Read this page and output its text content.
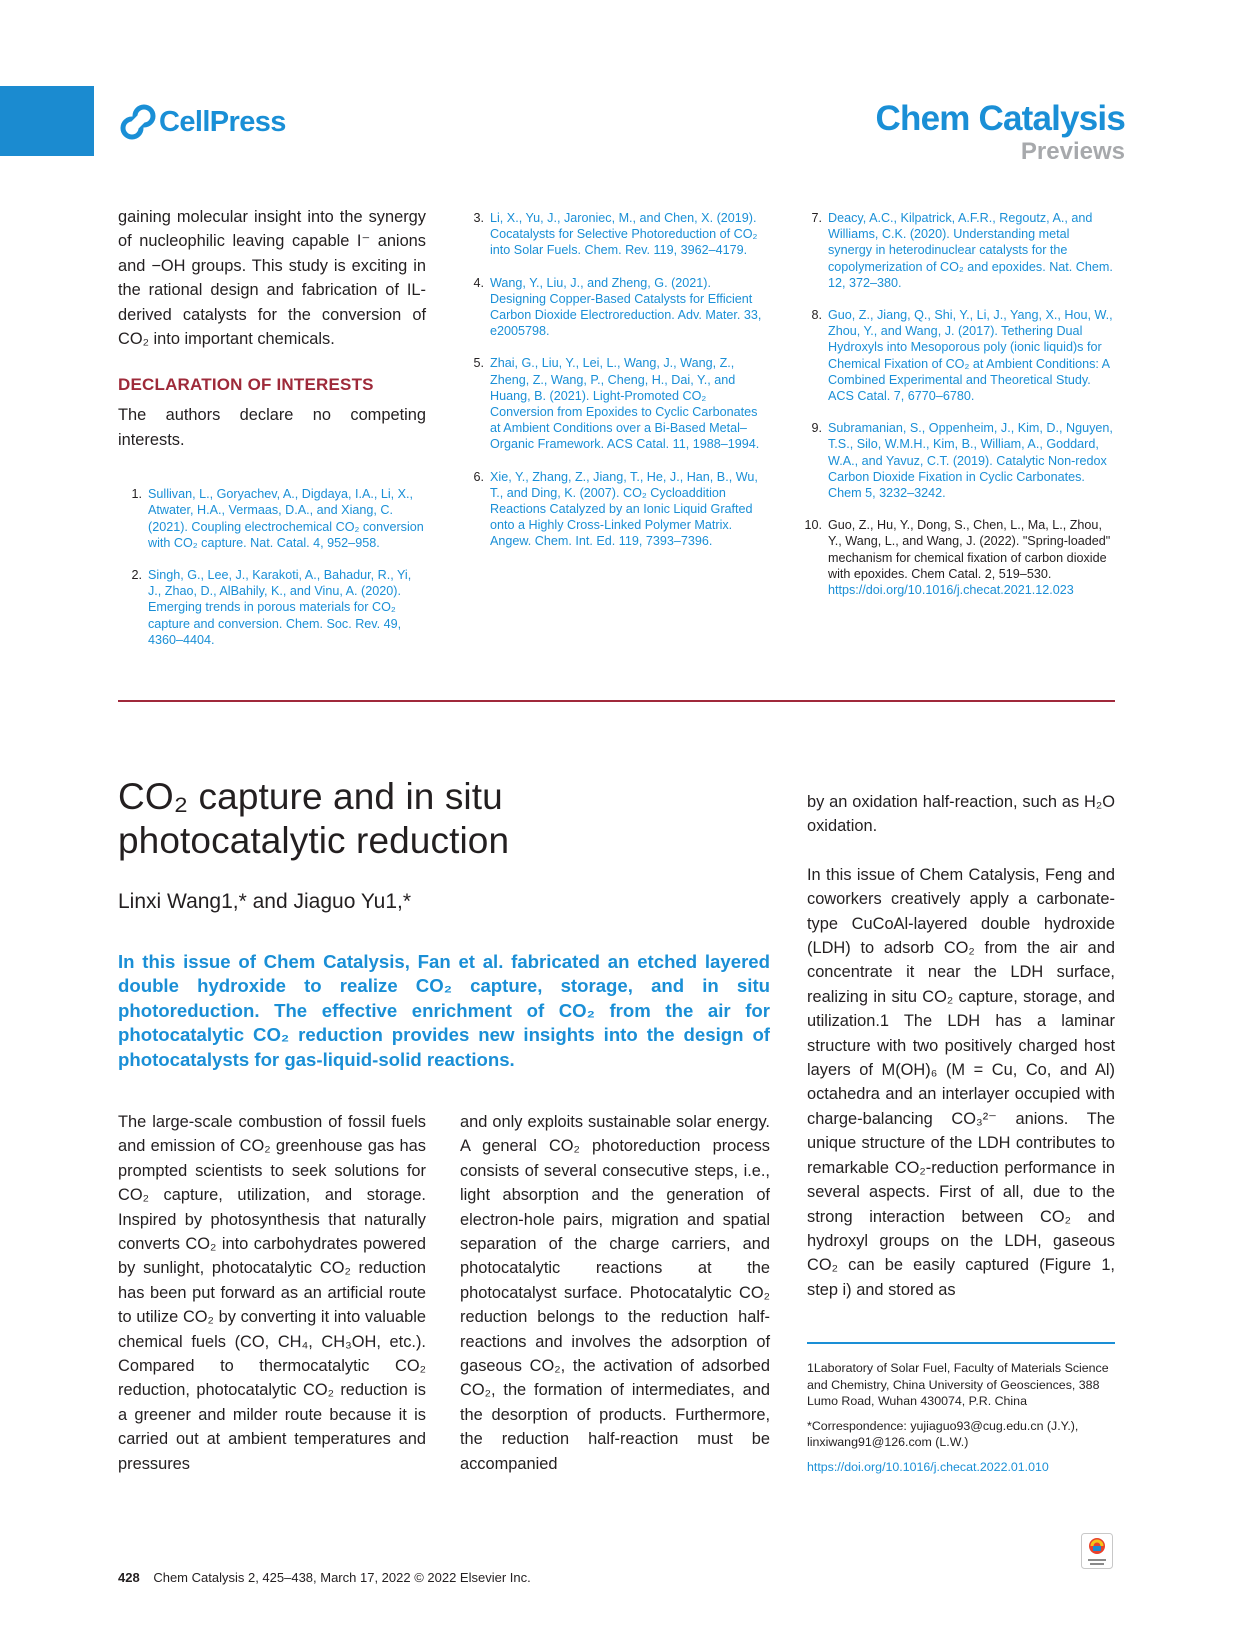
CellPress	Chem Catalysis
Previews

gaining molecular insight into the synergy of nucleophilic leaving capable I⁻ anions and −OH groups. This study is exciting in the rational design and fabrication of IL-derived catalysts for the conversion of CO₂ into important chemicals.

DECLARATION OF INTERESTS
The authors declare no competing interests.
1. Sullivan, L., Goryachev, A., Digdaya, I.A., Li, X., Atwater, H.A., Vermaas, D.A., and Xiang, C. (2021). Coupling electrochemical CO₂ conversion with CO₂ capture. Nat. Catal. 4, 952–958.
2. Singh, G., Lee, J., Karakoti, A., Bahadur, R., Yi, J., Zhao, D., AlBahily, K., and Vinu, A. (2020). Emerging trends in porous materials for CO₂ capture and conversion. Chem. Soc. Rev. 49, 4360–4404.
3. Li, X., Yu, J., Jaroniec, M., and Chen, X. (2019). Cocatalysts for Selective Photoreduction of CO₂ into Solar Fuels. Chem. Rev. 119, 3962–4179.
4. Wang, Y., Liu, J., and Zheng, G. (2021). Designing Copper-Based Catalysts for Efficient Carbon Dioxide Electroreduction. Adv. Mater. 33, e2005798.
5. Zhai, G., Liu, Y., Lei, L., Wang, J., Wang, Z., Zheng, Z., Wang, P., Cheng, H., Dai, Y., and Huang, B. (2021). Light-Promoted CO₂ Conversion from Epoxides to Cyclic Carbonates at Ambient Conditions over a Bi-Based Metal–Organic Framework. ACS Catal. 11, 1988–1994.
6. Xie, Y., Zhang, Z., Jiang, T., He, J., Han, B., Wu, T., and Ding, K. (2007). CO₂ Cycloaddition Reactions Catalyzed by an Ionic Liquid Grafted onto a Highly Cross-Linked Polymer Matrix. Angew. Chem. Int. Ed. 119, 7393–7396.
7. Deacy, A.C., Kilpatrick, A.F.R., Regoutz, A., and Williams, C.K. (2020). Understanding metal synergy in heterodinuclear catalysts for the copolymerization of CO₂ and epoxides. Nat. Chem. 12, 372–380.
8. Guo, Z., Jiang, Q., Shi, Y., Li, J., Yang, X., Hou, W., Zhou, Y., and Wang, J. (2017). Tethering Dual Hydroxyls into Mesoporous poly (ionic liquid)s for Chemical Fixation of CO₂ at Ambient Conditions: A Combined Experimental and Theoretical Study. ACS Catal. 7, 6770–6780.
9. Subramanian, S., Oppenheim, J., Kim, D., Nguyen, T.S., Silo, W.M.H., Kim, B., William, A., Goddard, W.A., and Yavuz, C.T. (2019). Catalytic Non-redox Carbon Dioxide Fixation in Cyclic Carbonates. Chem 5, 3232–3242.
10. Guo, Z., Hu, Y., Dong, S., Chen, L., Ma, L., Zhou, Y., Wang, L., and Wang, J. (2022). "Spring-loaded" mechanism for chemical fixation of carbon dioxide with epoxides. Chem Catal. 2, 519–530. https://doi.org/10.1016/j.checat.2021.12.023
CO₂ capture and in situ photocatalytic reduction
Linxi Wang1,* and Jiaguo Yu1,*
In this issue of Chem Catalysis, Fan et al. fabricated an etched layered double hydroxide to realize CO₂ capture, storage, and in situ photoreduction. The effective enrichment of CO₂ from the air for photocatalytic CO₂ reduction provides new insights into the design of photocatalysts for gas-liquid-solid reactions.

The large-scale combustion of fossil fuels and emission of CO₂ greenhouse gas has prompted scientists to seek solutions for CO₂ capture, utilization, and storage. Inspired by photosynthesis that naturally converts CO₂ into carbohydrates powered by sunlight, photocatalytic CO₂ reduction has been put forward as an artificial route to utilize CO₂ by converting it into valuable chemical fuels (CO, CH₄, CH₃OH, etc.). Compared to thermocatalytic CO₂ reduction, photocatalytic CO₂ reduction is a greener and milder route because it is carried out at ambient temperatures and pressures

and only exploits sustainable solar energy. A general CO₂ photoreduction process consists of several consecutive steps, i.e., light absorption and the generation of electron-hole pairs, migration and spatial separation of the charge carriers, and photocatalytic reactions at the photocatalyst surface. Photocatalytic CO₂ reduction belongs to the reduction half-reactions and involves the adsorption of gaseous CO₂, the activation of adsorbed CO₂, the formation of intermediates, and the desorption of products. Furthermore, the reduction half-reaction must be accompanied

by an oxidation half-reaction, such as H₂O oxidation.

In this issue of Chem Catalysis, Feng and coworkers creatively apply a carbonate-type CuCoAl-layered double hydroxide (LDH) to adsorb CO₂ from the air and concentrate it near the LDH surface, realizing in situ CO₂ capture, storage, and utilization.1 The LDH has a laminar structure with two positively charged host layers of M(OH)₆ (M = Cu, Co, and Al) octahedra and an interlayer occupied with charge-balancing CO₃²⁻ anions. The unique structure of the LDH contributes to remarkable CO₂-reduction performance in several aspects. First of all, due to the strong interaction between CO₂ and hydroxyl groups on the LDH, gaseous CO₂ can be easily captured (Figure 1, step i) and stored as

1Laboratory of Solar Fuel, Faculty of Materials Science and Chemistry, China University of Geosciences, 388 Lumo Road, Wuhan 430074, P.R. China

*Correspondence: yujiaguo93@cug.edu.cn (J.Y.), linxiwang91@126.com (L.W.)

https://doi.org/10.1016/j.checat.2022.01.010

428 Chem Catalysis 2, 425–438, March 17, 2022 © 2022 Elsevier Inc.
